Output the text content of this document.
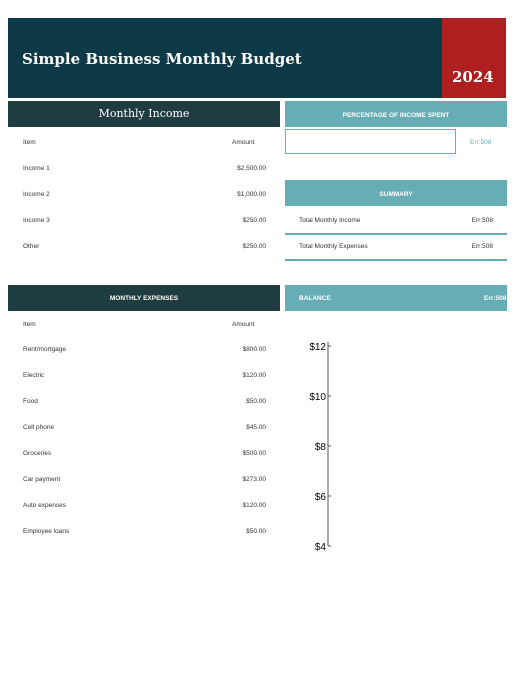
Simple Business Monthly Budget
2024
Monthly Income
Item	Amount
Income 1	$2,500.00
Income 2	$1,000.00
Income 3	$250.00
Other	$250.00
PERCENTAGE OF INCOME SPENT
Err:508
SUMMARY
Total Monthly Income	Err:508
Total Monthly Expenses	Err:508
MONTHLY EXPENSES
Item	Amount
Rent/mortgage	$800.00
Electric	$120.00
Food	$50.00
Cell phone	$45.00
Groceries	$500.00
Car payment	$273.00
Auto expenses	$120.00
Employee loans	$50.00
BALANCE	Err:508
$12
$10
$8
$6
$4
